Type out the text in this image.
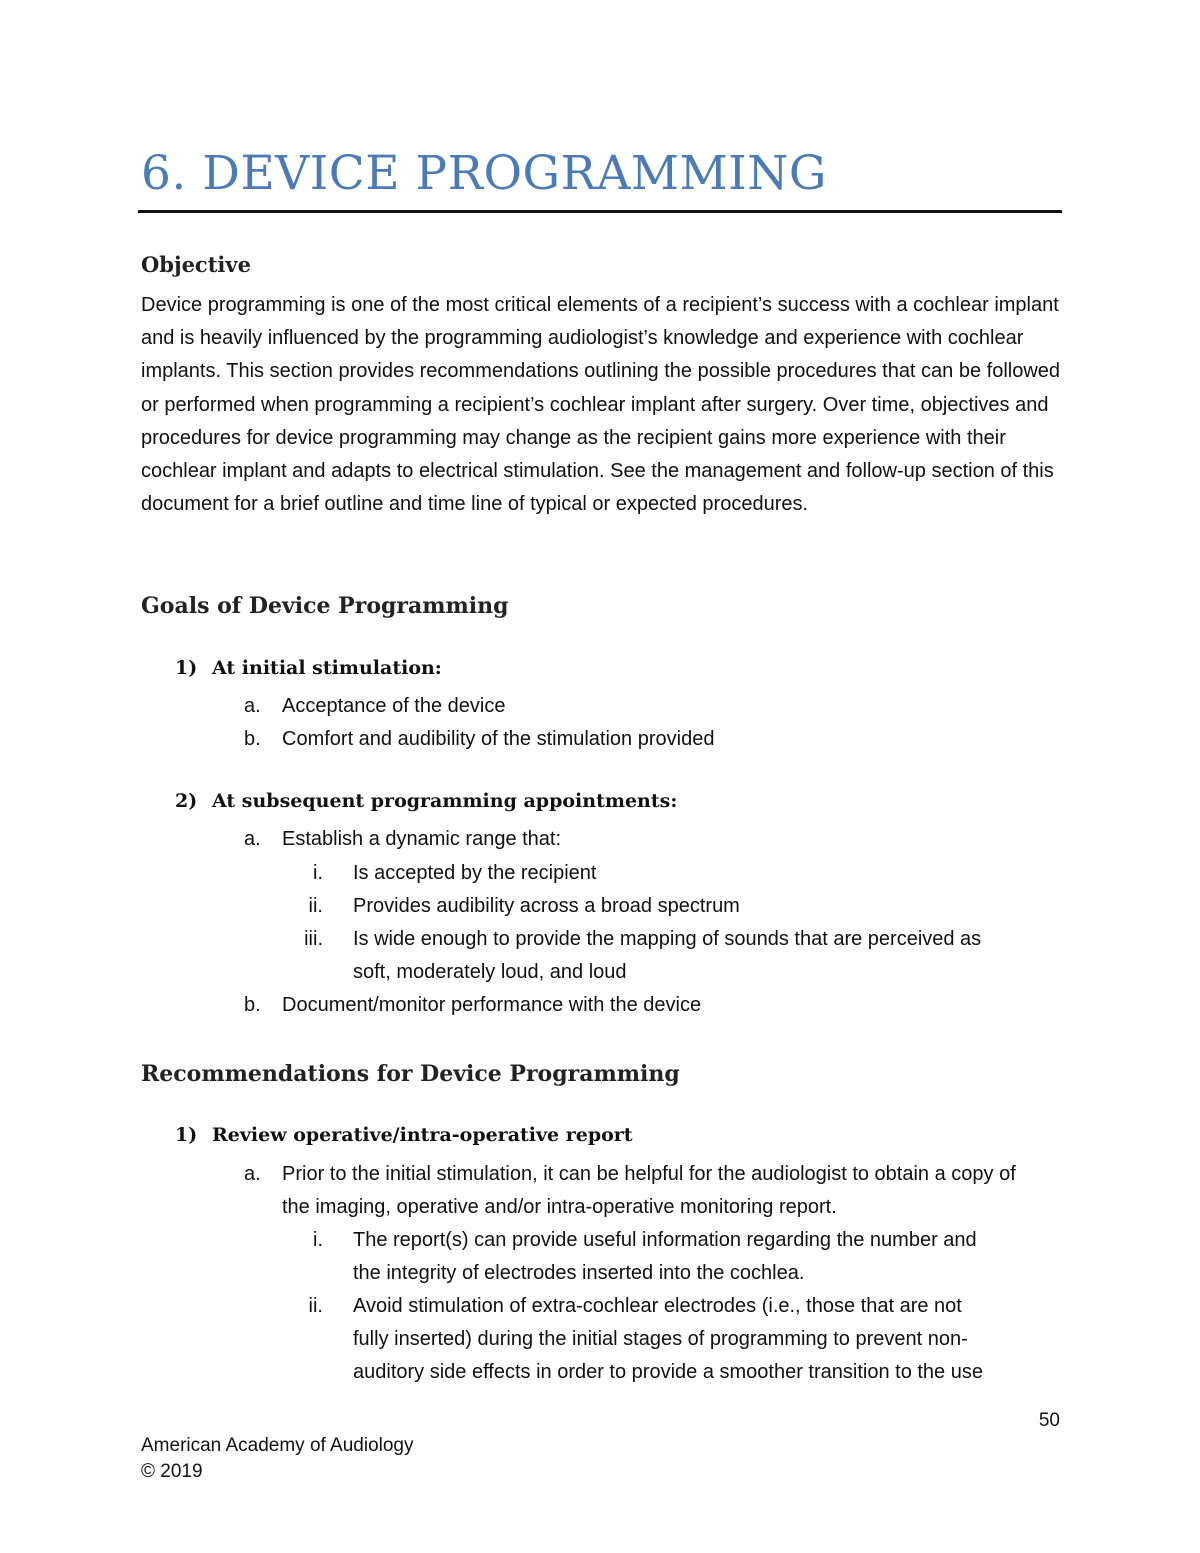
6. DEVICE PROGRAMMING
Objective

Device programming is one of the most critical elements of a recipient’s success with a cochlear implant and is heavily influenced by the programming audiologist’s knowledge and experience with cochlear implants. This section provides recommendations outlining the possible procedures that can be followed or performed when programming a recipient’s cochlear implant after surgery. Over time, objectives and procedures for device programming may change as the recipient gains more experience with their cochlear implant and adapts to electrical stimulation. See the management and follow-up section of this document for a brief outline and time line of typical or expected procedures.

Goals of Device Programming
1) At initial stimulation:
a.	Acceptance of the device
b.	Comfort and audibility of the stimulation provided
2) At subsequent programming appointments:
a.	Establish a dynamic range that:
i. Is accepted by the recipient
ii. Provides audibility across a broad spectrum
iii. Is wide enough to provide the mapping of sounds that are perceived as soft, moderately loud, and loud
b.	Document/monitor performance with the device
Recommendations for Device Programming
1) Review operative/intra-operative report
a.	Prior to the initial stimulation, it can be helpful for the audiologist to obtain a copy of the imaging, operative and/or intra-operative monitoring report.
i. The report(s) can provide useful information regarding the number and the integrity of electrodes inserted into the cochlea.
ii. Avoid stimulation of extra-cochlear electrodes (i.e., those that are not fully inserted) during the initial stages of programming to prevent non-auditory side effects in order to provide a smoother transition to the use
50
American Academy of Audiology
© 2019
